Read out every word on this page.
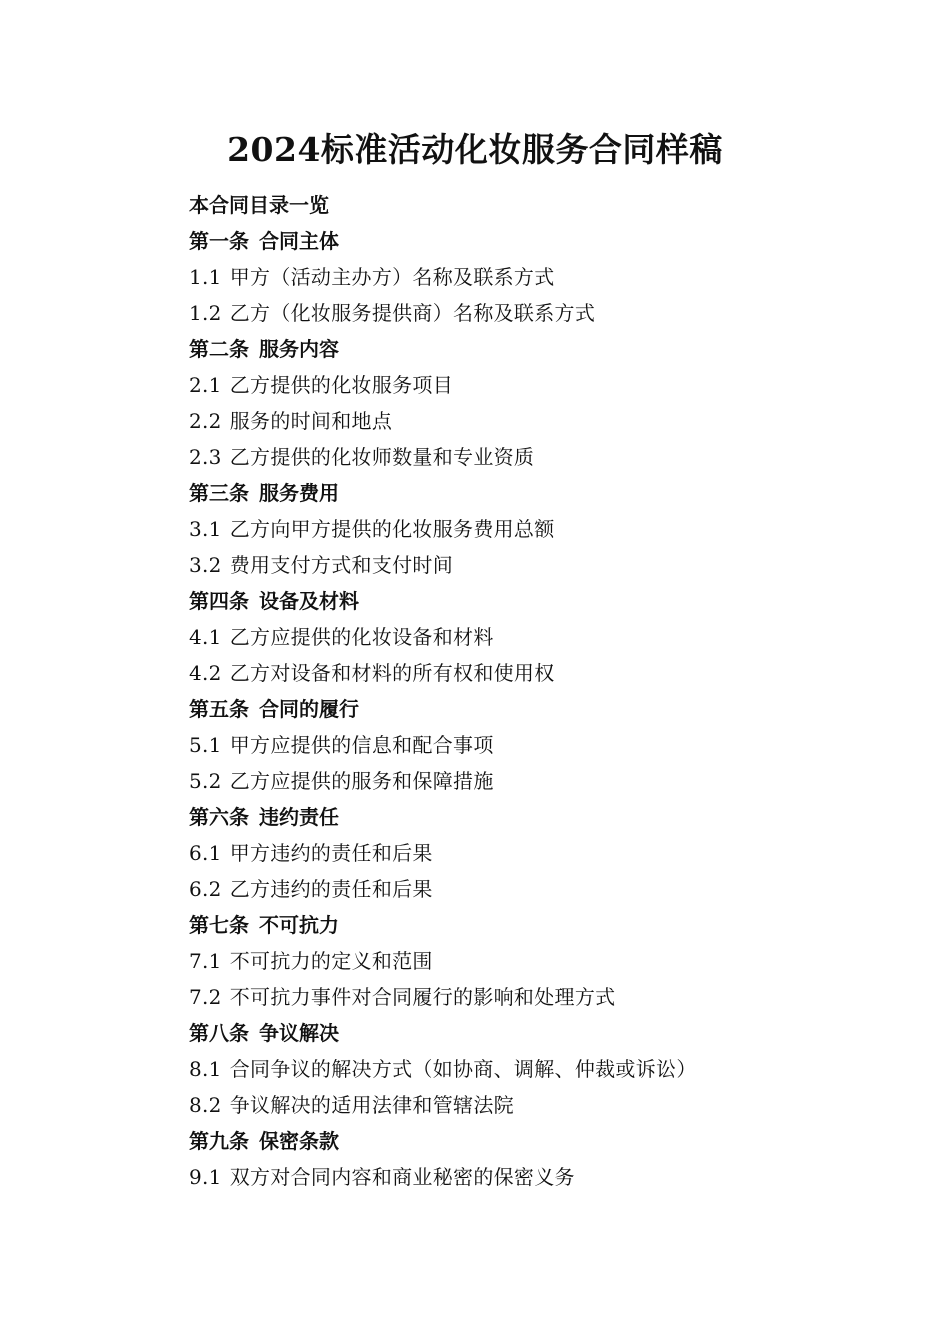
2024标准活动化妆服务合同样稿
本合同目录一览
第一条 合同主体
1.1 甲方（活动主办方）名称及联系方式
1.2 乙方（化妆服务提供商）名称及联系方式
第二条 服务内容
2.1 乙方提供的化妆服务项目
2.2 服务的时间和地点
2.3 乙方提供的化妆师数量和专业资质
第三条 服务费用
3.1 乙方向甲方提供的化妆服务费用总额
3.2 费用支付方式和支付时间
第四条 设备及材料
4.1 乙方应提供的化妆设备和材料
4.2 乙方对设备和材料的所有权和使用权
第五条 合同的履行
5.1 甲方应提供的信息和配合事项
5.2 乙方应提供的服务和保障措施
第六条 违约责任
6.1 甲方违约的责任和后果
6.2 乙方违约的责任和后果
第七条 不可抗力
7.1 不可抗力的定义和范围
7.2 不可抗力事件对合同履行的影响和处理方式
第八条 争议解决
8.1 合同争议的解决方式（如协商、调解、仲裁或诉讼）
8.2 争议解决的适用法律和管辖法院
第九条 保密条款
9.1 双方对合同内容和商业秘密的保密义务
